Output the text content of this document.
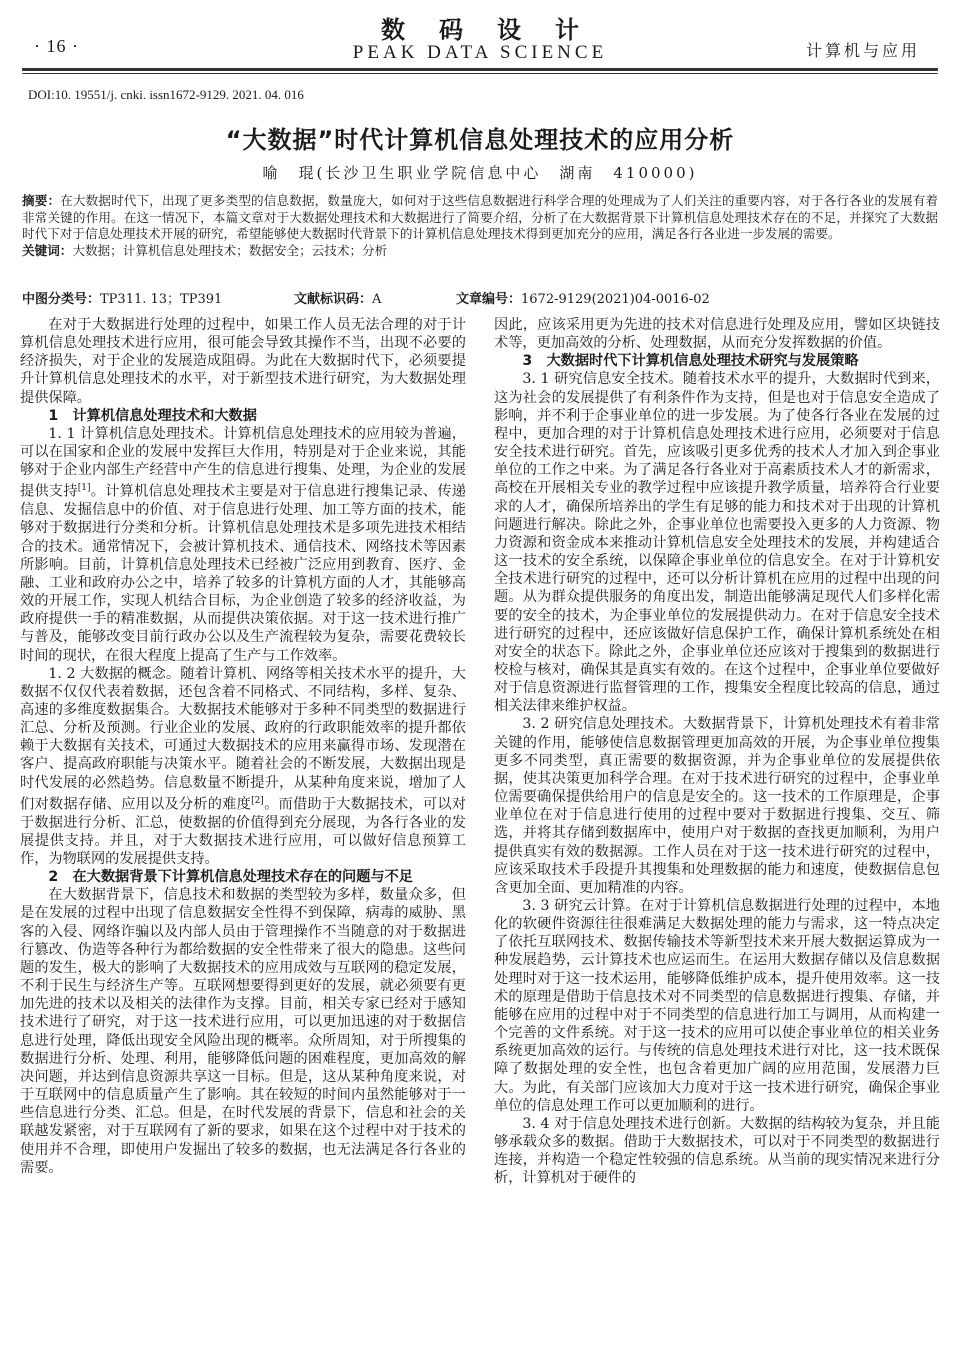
· 16 ·
数码设计
PEAK DATA SCIENCE	计算机与应用
DOI:10. 19551/j. cnki. issn1672-9129. 2021. 04. 016
“大数据”时代计算机信息处理技术的应用分析
喻　琨(长沙卫生职业学院信息中心　湖南　410000)
摘要：在大数据时代下，出现了更多类型的信息数据，数量庞大，如何对于这些信息数据进行科学合理的处理成为了人们关注的重要内容，对于各行各业的发展有着非常关键的作用。在这一情况下，本篇文章对于大数据处理技术和大数据进行了简要介绍，分析了在大数据背景下计算机信息处理技术存在的不足，并探究了大数据时代下对于信息处理技术开展的研究，希望能够使大数据时代背景下的计算机信息处理技术得到更加充分的应用，满足各行各业进一步发展的需要。
关键词：大数据；计算机信息处理技术；数据安全；云技术；分析
中图分类号：TP311. 13；TP391	文献标识码：A	文章编号：1672-9129(2021)04-0016-02

在对于大数据进行处理的过程中，如果工作人员无法合理的对于计算机信息处理技术进行应用，很可能会导致其操作不当，出现不必要的经济损失，对于企业的发展造成阻碍。为此在大数据时代下，必须要提升计算机信息处理技术的水平，对于新型技术进行研究，为大数据处理提供保障。

1　计算机信息处理技术和大数据

1. 1 计算机信息处理技术。计算机信息处理技术的应用较为普遍，可以在国家和企业的发展中发挥巨大作用，特别是对于企业来说，其能够对于企业内部生产经营中产生的信息进行搜集、处理，为企业的发展提供支持[1]。计算机信息处理技术主要是对于信息进行搜集记录、传递信息、发掘信息中的价值、对于信息进行处理、加工等方面的技术，能够对于数据进行分类和分析。计算机信息处理技术是多项先进技术相结合的技术。通常情况下，会被计算机技术、通信技术、网络技术等因素所影响。目前，计算机信息处理技术已经被广泛应用到教育、医疗、金融、工业和政府办公之中，培养了较多的计算机方面的人才，其能够高效的开展工作，实现人机结合目标，为企业创造了较多的经济收益，为政府提供一手的精准数据，从而提供决策依据。对于这一技术进行推广与普及，能够改变目前行政办公以及生产流程较为复杂，需要花费较长时间的现状，在很大程度上提高了生产与工作效率。

1. 2 大数据的概念。随着计算机、网络等相关技术水平的提升，大数据不仅仅代表着数据，还包含着不同格式、不同结构，多样、复杂、高速的多维度数据集合。大数据技术能够对于多种不同类型的数据进行汇总、分析及预测。行业企业的发展、政府的行政职能效率的提升都依赖于大数据有关技术，可通过大数据技术的应用来赢得市场、发现潜在客户、提高政府职能与决策水平。随着社会的不断发展，大数据出现是时代发展的必然趋势。信息数量不断提升，从某种角度来说，增加了人们对数据存储、应用以及分析的难度[2]。而借助于大数据技术，可以对于数据进行分析、汇总，使数据的价值得到充分展现，为各行各业的发展提供支持。并且，对于大数据技术进行应用，可以做好信息预算工作，为物联网的发展提供支持。

2　在大数据背景下计算机信息处理技术存在的问题与不足

在大数据背景下，信息技术和数据的类型较为多样，数量众多，但是在发展的过程中出现了信息数据安全性得不到保障，病毒的威胁、黑客的入侵、网络诈骗以及内部人员由于管理操作不当随意的对于数据进行篡改、伪造等各种行为都给数据的安全性带来了很大的隐患。这些问题的发生，极大的影响了大数据技术的应用成效与互联网的稳定发展，不利于民生与经济生产等。互联网想要得到更好的发展，就必须要有更加先进的技术以及相关的法律作为支撑。目前，相关专家已经对于感知技术进行了研究，对于这一技术进行应用，可以更加迅速的对于数据信息进行处理，降低出现安全风险出现的概率。众所周知，对于所搜集的数据进行分析、处理、利用，能够降低问题的困难程度，更加高效的解决问题，并达到信息资源共享这一目标。但是，这从某种角度来说，对于互联网中的信息质量产生了影响。其在较短的时间内虽然能够对于一些信息进行分类、汇总。但是，在时代发展的背景下，信息和社会的关联越发紧密，对于互联网有了新的要求，如果在这个过程中对于技术的使用并不合理，即使用户发掘出了较多的数据，也无法满足各行各业的需要。

因此，应该采用更为先进的技术对信息进行处理及应用，譬如区块链技术等，更加高效的分析、处理数据，从而充分发挥数据的价值。

3　大数据时代下计算机信息处理技术研究与发展策略

3. 1 研究信息安全技术。随着技术水平的提升，大数据时代到来，这为社会的发展提供了有利条件作为支持，但是也对于信息安全造成了影响，并不利于企事业单位的进一步发展。为了使各行各业在发展的过程中，更加合理的对于计算机信息处理技术进行应用，必须要对于信息安全技术进行研究。首先，应该吸引更多优秀的技术人才加入到企事业单位的工作之中来。为了满足各行各业对于高素质技术人才的新需求，高校在开展相关专业的教学过程中应该提升教学质量，培养符合行业要求的人才，确保所培养出的学生有足够的能力和技术对于出现的计算机问题进行解决。除此之外，企事业单位也需要投入更多的人力资源、物力资源和资金成本来推动计算机信息安全处理技术的发展，并构建适合这一技术的安全系统，以保障企事业单位的信息安全。在对于计算机安全技术进行研究的过程中，还可以分析计算机在应用的过程中出现的问题。从为群众提供服务的角度出发，制造出能够满足现代人们多样化需要的安全的技术，为企事业单位的发展提供动力。在对于信息安全技术进行研究的过程中，还应该做好信息保护工作，确保计算机系统处在相对安全的状态下。除此之外，企事业单位还应该对于搜集到的数据进行校检与核对，确保其是真实有效的。在这个过程中，企事业单位要做好对于信息资源进行监督管理的工作，搜集安全程度比较高的信息，通过相关法律来维护权益。

3. 2 研究信息处理技术。大数据背景下，计算机处理技术有着非常关键的作用，能够使信息数据管理更加高效的开展，为企事业单位搜集更多不同类型，真正需要的数据资源，并为企事业单位的发展提供依据，使其决策更加科学合理。在对于技术进行研究的过程中，企事业单位需要确保提供给用户的信息是安全的。这一技术的工作原理是，企事业单位在对于信息进行使用的过程中要对于数据进行搜集、交互、筛选，并将其存储到数据库中，使用户对于数据的查找更加顺利，为用户提供真实有效的数据源。工作人员在对于这一技术进行研究的过程中，应该采取技术手段提升其搜集和处理数据的能力和速度，使数据信息包含更加全面、更加精准的内容。

3. 3 研究云计算。在对于计算机信息数据进行处理的过程中，本地化的软硬件资源往往很难满足大数据处理的能力与需求，这一特点决定了依托互联网技术、数据传输技术等新型技术来开展大数据运算成为一种发展趋势，云计算技术也应运而生。在运用大数据存储以及信息数据处理时对于这一技术运用，能够降低维护成本，提升使用效率。这一技术的原理是借助于信息技术对不同类型的信息数据进行搜集、存储，并能够在应用的过程中对于不同类型的信息进行加工与调用，从而构建一个完善的文件系统。对于这一技术的应用可以使企事业单位的相关业务系统更加高效的运行。与传统的信息处理技术进行对比，这一技术既保障了数据处理的安全性，也包含着更加广阔的应用范围，发展潜力巨大。为此，有关部门应该加大力度对于这一技术进行研究，确保企事业单位的信息处理工作可以更加顺利的进行。

3. 4 对于信息处理技术进行创新。大数据的结构较为复杂，并且能够承载众多的数据。借助于大数据技术，可以对于不同类型的数据进行连接，并构造一个稳定性较强的信息系统。从当前的现实情况来进行分析，计算机对于硬件的
